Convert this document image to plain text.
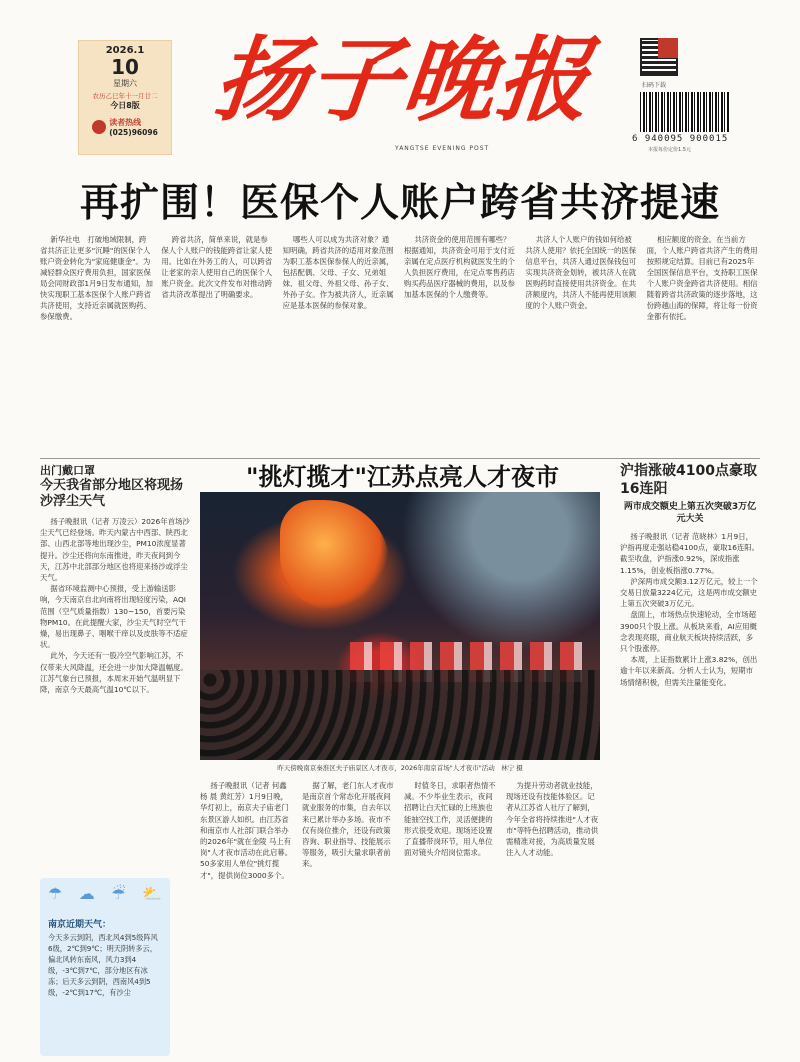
2026.1
10
星期六
农历乙巳年十一月廿二
今日8版
读者热线
(025)96096 扬子晚报
YANGTSE EVENING POST
扫码下载
6 940095 900015
本报每份定价1.5元
再扩围！医保个人账户跨省共济提速

新华社电　打破地域限制，跨省共济正让更多"沉睡"的医保个人账户资金转化为"家庭健康金"。为减轻群众医疗费用负担，国家医保局会同财政部1月9日发布通知，加快实现职工基本医保个人账户跨省共济使用，支持近亲属就医购药、参保缴费。

跨省共济，简单来说，就是参保人个人账户的钱能跨省让家人使用。比如在外务工的人，可以跨省让老家的亲人使用自己的医保个人账户资金。此次文件发布对推动跨省共济改革提出了明确要求。

哪些人可以成为共济对象？通知明确，跨省共济的适用对象范围为职工基本医保参保人的近亲属，包括配偶、父母、子女、兄弟姐妹、祖父母、外祖父母、孙子女、外孙子女。作为被共济人，近亲属应是基本医保的参保对象。

共济资金的使用范围有哪些？根据通知，共济资金可用于支付近亲属在定点医疗机构就医发生的个人负担医疗费用，在定点零售药店购买药品医疗器械的费用，以及参加基本医保的个人缴费等。

共济人个人账户的钱如何给被共济人使用？依托全国统一的医保信息平台，共济人通过医保钱包可实现共济资金划转，被共济人在就医购药时直接使用共济资金。在共济额度内，共济人不能再使用该额度的个人账户资金。

相应额度的资金。在当前方面，个人账户跨省共济产生的费用按照规定结算。目前已有2025年全国医保信息平台，支持职工医保个人账户资金跨省共济使用。相信随着跨省共济政策的逐步落地，这份跨越山海的保障，将让每一份资金都有依托。

出门戴口罩
今天我省部分地区将现扬沙浮尘天气

扬子晚报讯（记者 万凌云）2026年首场沙尘天气已经登场。昨天内蒙古中西部、陕西北部、山西北部等地出现沙尘，PM10浓度显著提升。沙尘还将向东南推进，昨天夜间到今天，江苏中北部部分地区也将迎来扬沙或浮尘天气。

据省环境监测中心预报，受上游输送影响，今天南京自北向南将出现轻度污染，AQI范围（空气质量指数）130~150，首要污染物PM10。在此提醒大家，沙尘天气时空气干燥，易出现鼻子、咽喉干痒以及皮肤等不适症状。

此外，今天还有一股冷空气影响江苏，不仅带来大风降温，还会进一步加大降温幅度。江苏气象台已预报，本周末开始气温明显下降，南京今天最高气温10℃以下。

☂ ☁ ☔ ⛅
南京近期天气：
今天多云到阴，西北风4到5级阵风6级，2℃到9℃；明天阴转多云，偏北风转东南风，风力3到4级，-3℃到7℃，部分地区有冰冻；后天多云到阴，西南风4到5级，-2℃到17℃，有沙尘
"挑灯揽才"江苏点亮人才夜市
昨天傍晚南京秦淮区夫子庙景区人才夜市，2026年南京首场"人才夜市"活动　林宁 摄

扬子晚报讯（记者 何鑫 杨 晨 黄红芳）1月9日晚，华灯初上，南京夫子庙老门东景区游人如织。由江苏省和南京市人社部门联合举办的2026年"就在金陵 马上有岗"人才夜市活动在此启幕。50多家用人单位"挑灯揽才"，提供岗位3000多个。

据了解，老门东人才夜市是南京首个常态化开展夜间就业服务的市集，自去年以来已累计举办多场。夜市不仅有岗位推介，还设有政策咨询、职业指导、技能展示等服务，吸引大量求职者前来。

时值冬日，求职者热情不减。不少毕业生表示，夜间招聘让白天忙碌的上班族也能抽空找工作，灵活便捷的形式很受欢迎。现场还设置了直播带岗环节，用人单位面对镜头介绍岗位需求。

为提升劳动者就业技能，现场还设有技能体验区。记者从江苏省人社厅了解到，今年全省将持续推进"人才夜市"等特色招聘活动，推动供需精准对接，为高质量发展注入人才动能。

沪指涨破4100点豪取16连阳
两市成交额史上第五次突破3万亿元大关

扬子晚报讯（记者 范晓林）1月9日，沪指再度走强站稳4100点，豪取16连阳。截至收盘，沪指涨0.92%，深成指涨1.15%，创业板指涨0.77%。

沪深两市成交额3.12万亿元，较上一个交易日放量3224亿元，这是两市成交额史上第五次突破3万亿元。

盘面上，市场热点快速轮动，全市场超3900只个股上涨。从板块来看，AI应用概念表现亮眼，商业航天板块持续活跃，多只个股涨停。

本周，上证指数累计上涨3.82%，创出逾十年以来新高。分析人士认为，短期市场情绪积极，但需关注量能变化。
